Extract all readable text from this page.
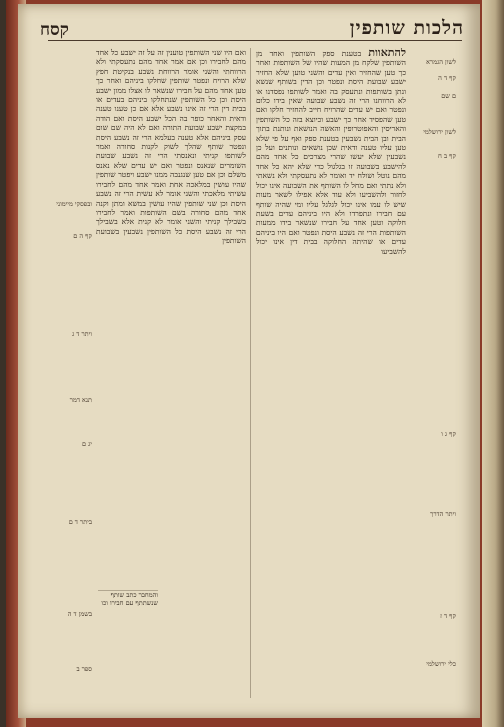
הלכות שותפין
קסח

להתאוות בטענת ספק השותפין ואחד מן השותפין שלקח מן המעות שהיו של השותפות ואחר כך טען שהחזיר ואין עדים והשני טוען שלא החזיר ישבע שבועת היסת ונפטר וכן הדין בשותף שנשא ונתן בשותפות ונתעסק בה ואמר לשותפו נפסדנו או לא הרווחנו הרי זה נשבע שבועה שאין בידו כלום ונפטר ואם יש עדים שהרויח חייב להחזיר חלקו ואם טען שהפסיד אחר כך ישבע וכיוצא בזה כל השותפין והאריסין והאפוטרופין והאשה הנושאת ונותנת בתוך הבית ובן הבית נשבעין בטענת ספק ואף על פי שלא טען עליו טענה ודאית שכן נושאים ונותנים ועל כן נשבעין שלא יעשו שהרי מצרכים כל אחד מהם להישבע בשבועה זו בגלגול כדי שלא יהא כל אחד מהם נוטל ושולח יד ואומר לא נתעסקתי ולא נשאתי ולא נתתי ואם מחל לו השותף את השבועה אינו יכול לחזור ולהשביעו ולא עוד אלא אפילו לשאר מעות שיש לו עמו אינו יכול לגלגל עליו ומי שהיה שותף עם חבירו ונתפרדו ולא היו ביניהם עדים בשעת חלוקה וטען אחד על חבירו שנשאר בידו ממעות השותפות הרי זה נשבע היסת ונפטר ואם היו ביניהם עדים או שהיתה החלוקה בבית דין אינו יכול להשביעו

ואם היו שני השותפין טוענין זה על זה ישבע כל אחד מהם לחבירו וכן אם אמר אחד מהם נתעסקתי ולא הרווחתי והשני אומר הרווחת נשבע בנקיטת חפץ שלא הרויח ונפטר שותפין שחלקו ביניהם ואחר כך טען אחד מהם על חבירו שנשאר לו אצלו ממון ישבע היסת וכן כל השותפין שנתחלקו ביניהם בעדים או בבית דין הרי זה אינו נשבע אלא אם כן טענו טענה ודאית והאחר כופר בה הכל ישבע היסת ואם הודה במקצת ישבע שבועת התורה ואם לא היה שם שום עסק ביניהם אלא טענה בעלמא הרי זה נשבע היסת ונפטר שותף שהלך לשוק לקנות סחורה ואמר לשותפו קניתי ונאנסתי הרי זה נשבע שבועת השומרים שנאנס ונפטר ואם יש עדים שלא נאנס משלם וכן אם טען שנגנבה ממנו ישבע ויפטר שותפין שהיו עושין במלאכה אחת ואמר אחד מהם לחבירו עשיתי מלאכתי והשני אומר לא עשית הרי זה נשבע היסת וכן שני שותפין שהיו עושין במשא ומתן וקנה אחד מהם סחורה בשם השותפות ואמר לחבירו בשבילך קניתי והשני אומר לא קנית אלא בשבילך הרי זה נשבע היסת כל השותפין נשבעין בשבועת השותפין

והמחבר כתב שותף שנשתתף עם חבירו וכו
לשון הגמרא
קף ד ה
ם שם
לשון ירושלמי
קף ב ח
קף ג ו
ויתר הדרך
קף ד ז
כלי ירושלמי
ובפסקי מיימוני
קף ה ם
ויתר ד ג
תנא דמר
יג ם
ביתר ד ם
בשמן ד ה
ספר ב
